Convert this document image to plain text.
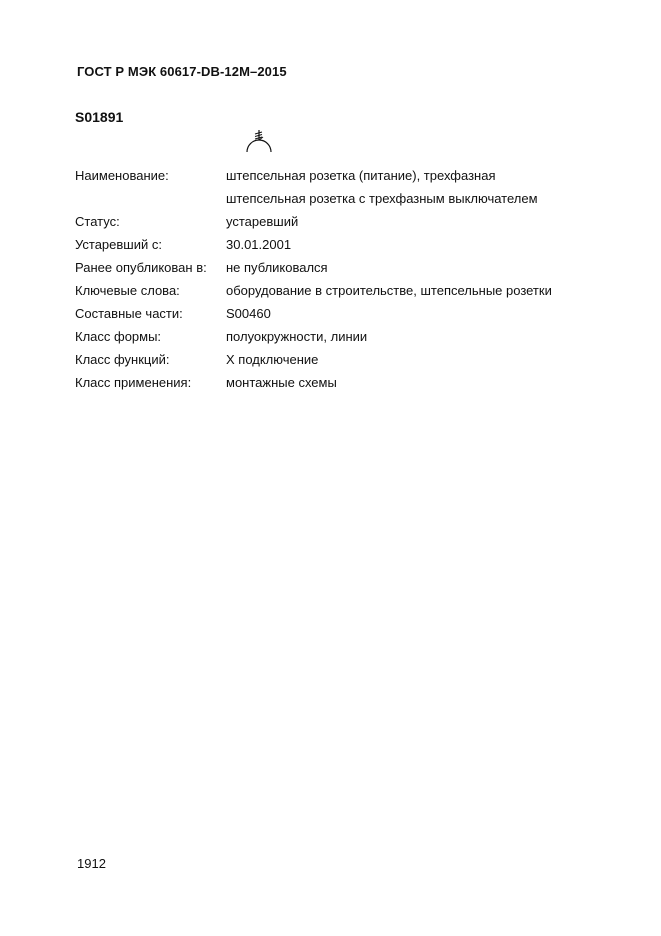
ГОСТ Р МЭК 60617-DB-12M–2015
S01891
Наименование:	штепсельная розетка (питание), трехфазная
штепсельная розетка с трехфазным выключателем
Статус:	устаревший
Устаревший с:	30.01.2001
Ранее опубликован в:	не публиковался
Ключевые слова:	оборудование в строительстве, штепсельные розетки
Составные части:	S00460
Класс формы:	полуокружности, линии
Класс функций:	X подключение
Класс применения:	монтажные схемы
1912
